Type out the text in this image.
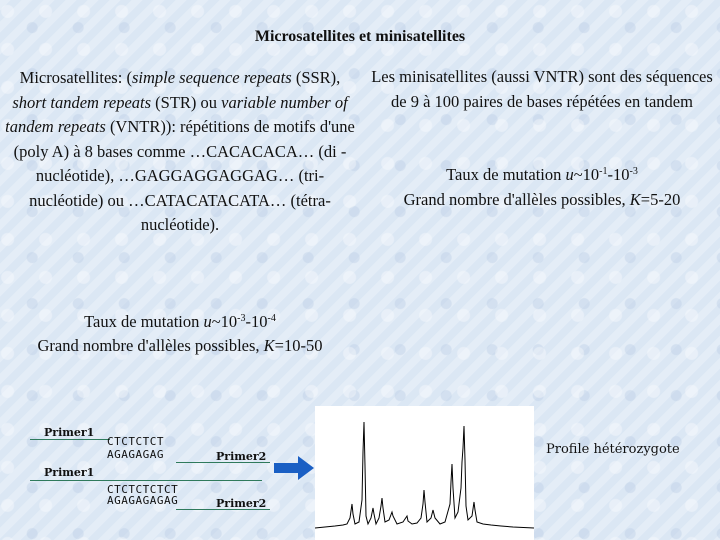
Microsatellites et minisatellites
Microsatellites: (simple sequence repeats (SSR), short tandem repeats (STR) ou variable number of tandem repeats (VNTR)): répétitions de motifs d'une (poly A) à 8 bases comme …CACACACA… (di -nucléotide), …GAGGAGGAGGAG… (tri-nucléotide) ou …CATACATACATA… (tétra-nucléotide).
Taux de mutation $u\sim 10^{-3}-10^{-4}$
Grand nombre d'allèles possibles, K=10-50
Les minisatellites (aussi VNTR) sont des séquences de 9 à 100 paires de bases répétées en tandem
Taux de mutation $u\sim 10^{-1}-10^{-3}$
Grand nombre d'allèles possibles, K=5-20
Primer1
CTCTCTCT
AGAGAGAG	Primer2
Primer1
CTCTCTCTCT
AGAGAGAGAG	Primer2
Profile hétérozygote
